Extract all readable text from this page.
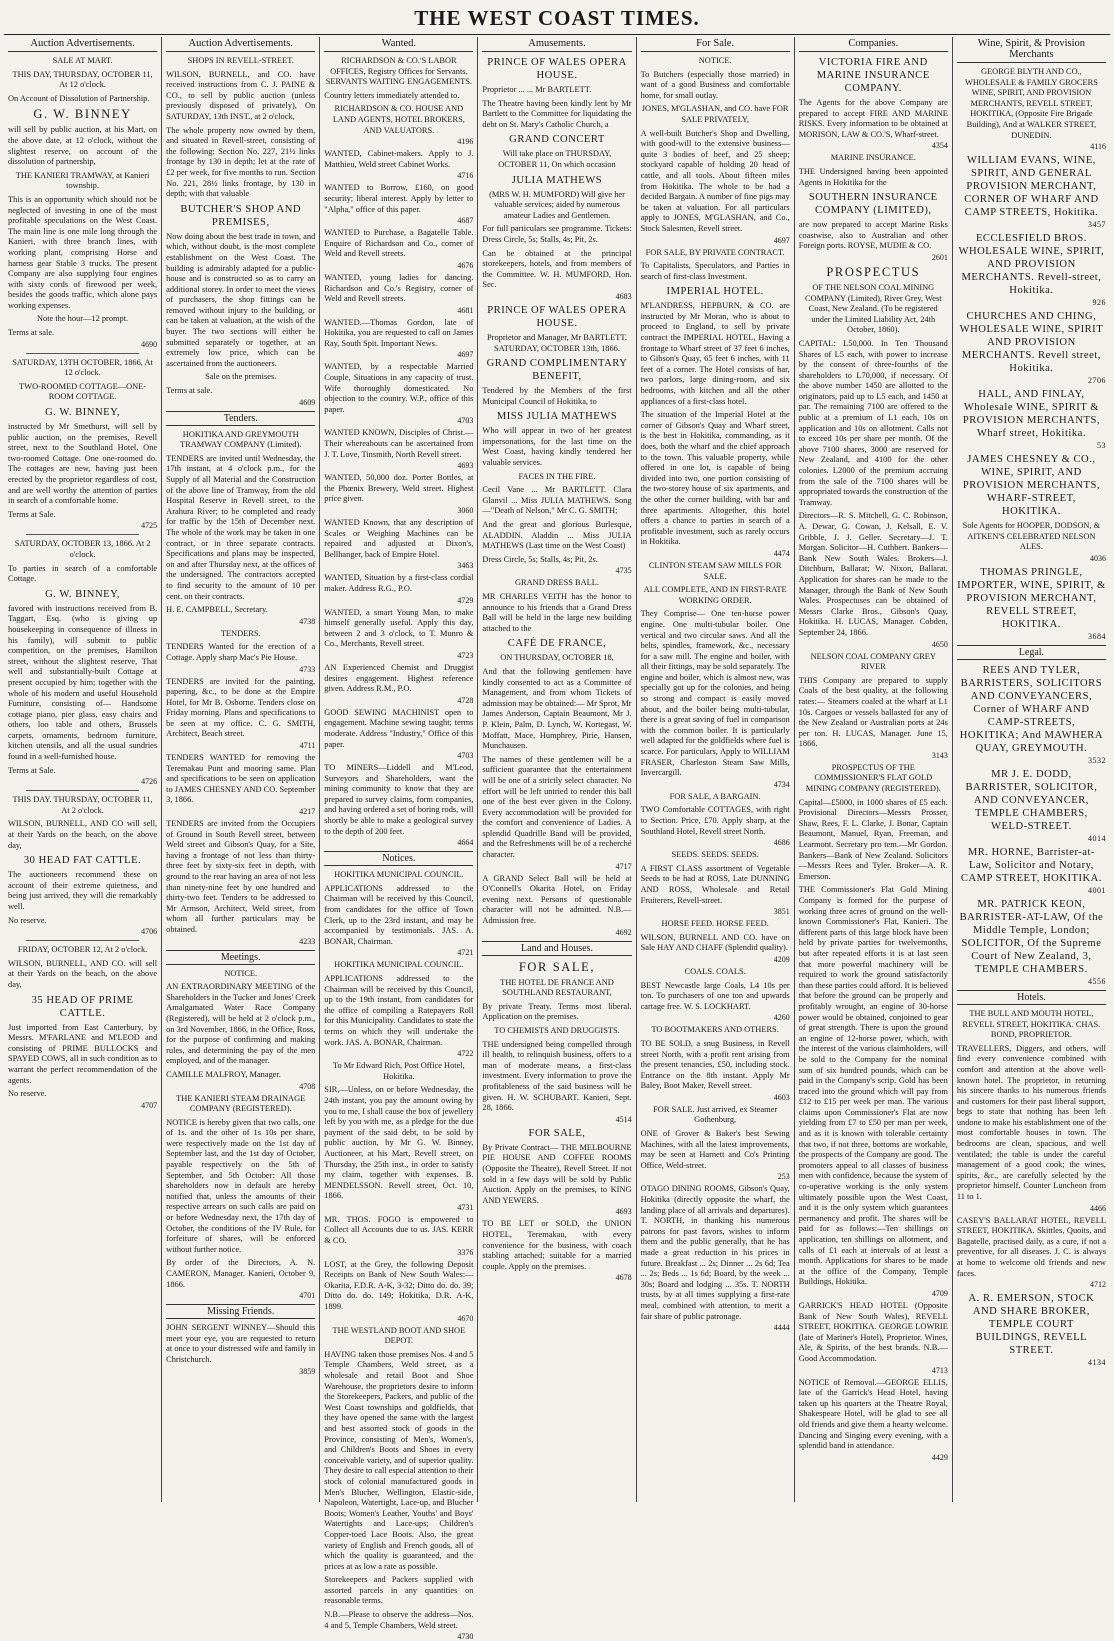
THE WEST COAST TIMES.
Auction Advertisements.
SALE AT MART.
THIS DAY, THURSDAY, OCTOBER 11, At 12 o'clock.
On Account of Dissolution of Partnership.
G. W. BINNEY
will sell by public auction, at his Mart, on the above date, at 12 o'clock, without the slightest reserve, on account of the dissolution of partnership,
THE KANIERI TRAMWAY, at Kanieri township.
This is an opportunity which should not be neglected of investing in one of the most profitable speculations on the West Coast. The main line is one mile long through the Kanieri, with three branch lines, with working plant, comprising Horse and harness gear Stable 3 trucks. The present Company are also supplying four engines with sixty cords of firewood per week, besides the goods traffic, which alone pays working expenses.
Note the hour—12 prompt.
Terms at sale.
4690
SATURDAY, 13TH OCTOBER, 1866, At 12 o'clock.
TWO-ROOMED COTTAGE—ONE-ROOM COTTAGE.
G. W. BINNEY,
instructed by Mr Smethurst, will sell by public auction, on the premises, Revell street, next to the Southland Hotel, One two-roomed Cottage. One one-roomed do. The cottages are new, having just been erected by the proprietor regardless of cost, and are well worthy the attention of parties in search of a comfortable home.
Terms at Sale.
4725
SATURDAY, OCTOBER 13, 1866. At 2 o'clock.
To parties in search of a comfortable Cottage.
G. W. BINNEY,
favored with instructions received from B. Taggart, Esq. (who is giving up housekeeping in consequence of illness in his family), will submit to public competition, on the premises, Hamilton street, without the slightest reserve, That well and substantially-built Cottage at present occupied by him; together with the whole of his modern and useful Household Furniture, consisting of— Handsome cottage piano, pier glass, easy chairs and others, loo table and others, Brussels carpets, ornaments, bedroom furniture, kitchen utensils, and all the usual sundries found in a well-furnished house.
Terms at Sale.
4726
THIS DAY. THURSDAY, OCTOBER 11, At 2 o'clock.
WILSON, BURNELL, AND CO will sell, at their Yards on the beach, on the above day,
30 HEAD FAT CATTLE.
The auctioneers recommend these on account of their extreme quietness, and being just arrived, they will die remarkably well.
No reserve.
4706
FRIDAY, OCTOBER 12, At 2 o'clock.
WILSON, BURNELL, AND CO. will sell at their Yards on the beach, on the above day,
35 HEAD OF PRIME CATTLE.
Just imported from East Canterbury, by Messrs. M'FARLANE and M'LEOD and consisting of PRIME BULLOCKS and SPAYED COWS, all in such condition as to warrant the perfect recommendation of the agents.
No reserve.
4707
Auction Advertisements.
SHOPS IN REVELL-STREET.
WILSON, BURNELL, and CO. have received instructions from C. J. PAINE & CO., to sell by public auction (unless previously disposed of privately), On SATURDAY, 13th INST., at 2 o'clock,
The whole property now owned by them, and situated in Revell-street, consisting of the following: Section No. 227, 21½ links frontage by 130 in depth; let at the rate of £2 per week, for five months to run. Section No. 221, 28½ links frontage, by 130 in depth; with that valuable
BUTCHER'S SHOP AND PREMISES,
Now doing about the best trade in town, and which, without doubt, is the most complete establishment on the West Coast. The building is admirably adapted for a public-house and is constructed so as to carry an additional storey. In order to meet the views of purchasers, the shop fittings can be removed without injury to the building, or can be taken at valuation, at the wish of the buyer. The two sections will either be submitted separately or together, at an extremely low price, which can be ascertained from the auctioneers.
Sale on the premises.
Terms at sale.
4609
Tenders.
HOKITIKA AND GREYMOUTH TRAMWAY COMPANY (Limited).
TENDERS are invited until Wednesday, the 17th instant, at 4 o'clock p.m., for the Supply of all Material and the Construction of the above line of Tramway, from the old Hospital Reserve in Revell street, to the Arahura River; to be completed and ready for traffic by the 15th of December next. The whole of the work may be taken in one contract, or in three separate contracts. Specifications and plans may be inspected, on and after Thursday next, at the offices of the undersigned. The contractors accepted to find security to the amount of 10 per cent. on their contracts.
H. E. CAMPBELL, Secretary.
4738
TENDERS.
TENDERS Wanted for the erection of a Cottage. Apply sharp Mac's Pie House.
4733
TENDERS are invited for the painting, papering, &c., to be done at the Empire Hotel, for Mr B. Osborne. Tenders close on Friday morning. Plans and specifications to be seen at my office. C. G. SMITH, Architect, Beach street.
4711
TENDERS WANTED for removing the Teremakau Punt and mooring same. Plan and specifications to be seen on application to JAMES CHESNEY AND CO. September 3, 1866.
4217
TENDERS are invited from the Occupiers of Ground in South Revell street, between Weld street and Gibson's Quay, for a Site, having a frontage of not less than thirty-three feet by sixty-six feet in depth, with ground to the rear having an area of not less than ninety-nine feet by one hundred and thirty-two feet. Tenders to be addressed to Mr Armson, Architect, Weld street, from whom all further particulars may be obtained.
4233
Meetings.
NOTICE.
AN EXTRAORDINARY MEETING of the Shareholders in the Tucker and Jones' Creek Amalgamated Water Race Company (Registered), will be held at 2 o'clock p.m., on 3rd November, 1866, in the Office, Ross, for the purpose of confirming and making rules, and determining the pay of the men employed, and of the manager.
CAMILLE MALFROY, Manager.
4708
THE KANIERI STEAM DRAINAGE COMPANY (REGISTERED).
NOTICE is hereby given that two calls, one of 1s. and the other of 1s 10s per share, were respectively made on the 1st day of September last, and the 1st day of October, payable respectively on the 5th of September, and 5th October: All those shareholders now in default are hereby notified that, unless the amounts of their respective arrears on such calls are paid on or before Wednesday next, the 17th day of October, the conditions of the IV Rule, for forfeiture of shares, will be enforced without further notice.
By order of the Directors, A. N. CAMERON, Manager. Kanieri, October 9, 1866.
4701
Missing Friends.
JOHN SERGENT WINNEY—Should this meet your eye, you are requested to return at once to your distressed wife and family in Christchurch.
3859
Wanted.
RICHARDSON & CO.'S LABOR OFFICES, Registry Offices for Servants. SERVANTS WAITING ENGAGEMENTS.
Country letters immediately attended to.
RICHARDSON & CO. HOUSE AND LAND AGENTS, HOTEL BROKERS, AND VALUATORS.
4196
WANTED, Cabinet-makers. Apply to J. Matthieu, Weld street Cabinet Works.
4716
WANTED to Borrow, £160, on good security; liberal interest. Apply by letter to "Alpha," office of this paper.
4687
WANTED to Purchase, a Bagatelle Table. Enquire of Richardson and Co., corner of Weld and Revell streets.
4676
WANTED, young ladies for dancing. Richardson and Co.'s Registry, corner of Weld and Revell streets.
4681
WANTED.—Thomas Gordon, late of Hokitika, you are requested to call on James Ray, South Spit. Important News.
4697
WANTED, by a respectable Married Couple, Situations in any capacity of trust. Wife thoroughly domesticated. No objection to the country. W.P., office of this paper.
4703
WANTED KNOWN, Disciples of Christ.—Their whereabouts can be ascertained from J. T. Love, Tinsmith, North Revell street.
4693
WANTED, 50,000 doz. Porter Bottles, at the Phœnix Brewery, Weld street. Highest price given.
3060
WANTED Known, that any description of Scales or Weighing Machines can be repaired and adjusted at Dixon's, Bellhanger, back of Empire Hotel.
3463
WANTED, Situation by a first-class cordial maker. Address R.G., P.O.
4729
WANTED, a smart Young Man, to make himself generally useful. Apply this day, between 2 and 3 o'clock, to T. Munro & Co., Merchants, Revell street.
4723
AN Experienced Chemist and Druggist desires engagement. Highest reference given. Address R.M., P.O.
4728
GOOD SEWING MACHINIST open to engagement. Machine sewing taught; terms moderate. Address "Industry," Office of this paper.
4703
TO MINERS—Liddell and M'Leod, Surveyors and Shareholders, want the mining community to know that they are prepared to survey claims, form companies, and having ordered a set of boring rods, will shortly be able to make a geological survey to the depth of 200 feet.
4664
Notices.
HOKITIKA MUNICIPAL COUNCIL.
APPLICATIONS addressed to the Chairman will be received by this Council, from candidates for the office of Town Clerk, up to the 23rd instant, and may be accompanied by testimonials. JAS. A. BONAR, Chairman.
4721
HOKITIKA MUNICIPAL COUNCIL.
APPLICATIONS addressed to the Chairman will be received by this Council, up to the 19th instant, from candidates for the office of compiling a Ratepayers Roll for this Municipality. Candidates to state the terms on which they will undertake the work. JAS. A. BONAR, Chairman.
4722
To Mr Edward Rich, Post Office Hotel, Hokitika.
SIR,—Unless, on or before Wednesday, the 24th instant, you pay the amount owing by you to me, I shall cause the box of jewellery left by you with me, as a pledge for the due payment of the said debt, to be sold by public auction, by Mr G. W. Binney, Auctioneer, at his Mart, Revell street, on Thursday, the 25th inst., in order to satisfy my claim, together with expenses. B. MENDELSSON. Revell street, Oct. 10, 1866.
4731
MR. THOS. FOGO is empowered to Collect all Accounts due to us. JAS. KERR & CO.
3376
LOST, at the Grey, the following Deposit Receipts on Bank of New South Wales:— Okarita, F.D.R. A-K, 3-32; Ditto do. do. 39; Ditto do. do. 149; Hokitika, D.R. A-K, 1899.
4670
THE WESTLAND BOOT AND SHOE DEPOT.
HAVING taken those premises Nos. 4 and 5 Temple Chambers, Weld street, as a wholesale and retail Boot and Shoe Warehouse, the proprietors desire to inform the Storekeepers, Packers, and public of the West Coast townships and goldfields, that they have opened the same with the largest and best assorted stock of goods in the Province, consisting of Men's, Women's, and Children's Boots and Shoes in every conceivable variety, and of superior quality. They desire to call especial attention to their stock of colonial manufactured goods in Men's Blucher, Wellington, Elastic-side, Napoleon, Watertight, Lace-up, and Blucher Boots; Women's Leather, Youths' and Boys' Watertights and Lace-ups; Children's Copper-toed Lace Boots. Also, the great variety of English and French goods, all of which the quality is guaranteed, and the prices at as low a rate as possible.
Storekeepers and Packers supplied with assorted parcels in any quantities on reasonable terms.
N.B.—Please to observe the address—Nos. 4 and 5, Temple Chambers, Weld street.
4730
Amusements.
PRINCE OF WALES OPERA HOUSE.
Proprietor ... ... Mr BARTLETT.
The Theatre having been kindly lent by Mr Bartlett to the Committee for liquidating the debt on St. Mary's Catholic Church, a
GRAND CONCERT
Will take place on THURSDAY, OCTOBER 11, On which occasion
JULIA MATHEWS
(MRS W. H. MUMFORD) Will give her valuable services; aided by numerous amateur Ladies and Gentlemen.
For full particulars see programme. Tickets: Dress Circle, 5s; Stalls, 4s; Pit, 2s.
Can be obtained at the principal storekeepers, hotels, and from members of the Committee. W. H. MUMFORD, Hon. Sec.
4683
PRINCE OF WALES OPERA HOUSE.
Proprietor and Manager, Mr BARTLETT. SATURDAY, OCTOBER 13th, 1866.
GRAND COMPLIMENTARY BENEFIT,
Tendered by the Members of the first Municipal Council of Hokitika, to
MISS JULIA MATHEWS
Who will appear in two of her greatest impersonations, for the last time on the West Coast, having kindly tendered her valuable services.
FACES IN THE FIRE.
Cecil Vane ... Mr BARTLETT. Clara Glanvil ... Miss JULIA MATHEWS. Song—"Death of Nelson," Mr C. G. SMITH;
And the great and glorious Burlesque, ALADDIN. Aladdin ... Miss JULIA MATHEWS (Last time on the West Coast)
Dress Circle, 5s; Stalls, 4s; Pit, 2s.
4735
GRAND DRESS BALL.
MR CHARLES VEITH has the honor to announce to his friends that a Grand Dress Ball will be held in the large new building attached to the
CAFÉ DE FRANCE,
ON THURSDAY, OCTOBER 18,
And that the following gentlemen have kindly consented to act as a Committee of Management, and from whom Tickets of admission may be obtained:— Mr Sprot, Mr James Anderson, Captain Beaumont, Mr J. P. Klein, Palm, D. Lynch, W. Kortegast, W. Moffatt, Mace, Humphrey, Pirie, Hansen, Munchausen.
The names of these gentlemen will be a sufficient guarantee that the entertainment will be one of a strictly select character. No effort will be left untried to render this ball one of the best ever given in the Colony. Every accommodation will be provided for the comfort and convenience of Ladies. A splendid Quadrille Band will be provided, and the Refreshments will be of a recherché character.
4717
A GRAND Select Ball will be held at O'Connell's Okarita Hotel, on Friday evening next. Persons of questionable character will not be admitted. N.B.—Admission free.
4692
Land and Houses.
FOR SALE,
THE HOTEL DE FRANCE AND SOUTHLAND RESTAURANT,
By private Treaty. Terms most liberal. Application on the premises.
TO CHEMISTS AND DRUGGISTS.
THE undersigned being compelled through ill health, to relinquish business, offers to a man of moderate means, a first-class investment. Every information to prove the profitableness of the said business will be given. H. W. SCHUBART. Kanieri, Sept. 28, 1866.
4514
FOR SALE,
By Private Contract— THE MELBOURNE PIE HOUSE AND COFFEE ROOMS (Opposite the Theatre), Revell Street. If not sold in a few days will be sold by Public Auction. Apply on the premises, to KING AND YEWERS.
4693
TO BE LET or SOLD, the UNION HOTEL, Teremakau, with every convenience for the business, with coach stabling attached; suitable for a married couple. Apply on the premises.
4678
For Sale.
NOTICE.
To Butchers (especially those married) in want of a good Business and comfortable home, for small outlay.
JONES, M'GLASHAN, and CO. have FOR SALE PRIVATELY,
A well-built Butcher's Shop and Dwelling, with good-will to the extensive business—quite 3 bodies of beef, and 25 sheep; stockyard capable of holding 20 head of cattle, and all tools. About fifteen miles from Hokitika. The whole to be had a decided Bargain. A number of fine pigs may be taken at valuation. For all particulars apply to JONES, M'GLASHAN, and Co., Stock Salesmen, Revell street.
4697
FOR SALE, BY PRIVATE CONTRACT.
To Capitalists, Speculators, and Parties in search of first-class Investment.
IMPERIAL HOTEL.
M'LANDRESS, HEPBURN, & CO. are instructed by Mr Moran, who is about to proceed to England, to sell by private contract the IMPERIAL HOTEL, Having a frontage to Wharf street of 37 feet 6 inches, to Gibson's Quay, 65 feet 6 inches, with 11 feet of a corner. The Hotel consists of bar, two parlors, large dining-room, and six bedrooms, with kitchen and all the other appliances of a first-class hotel.
The situation of the Imperial Hotel at the corner of Gibson's Quay and Wharf street, is the best in Hokitika, commanding, as it does, both the wharf and the chief approach to the town. This valuable property, while offered in one lot, is capable of being divided into two, one portion consisting of the two-storey house of six apartments, and the other the corner building, with bar and three apartments. Altogether, this hotel offers a chance to parties in search of a profitable investment, such as rarely occurs in Hokitika.
4474
CLINTON STEAM SAW MILLS FOR SALE.
ALL COMPLETE, AND IN FIRST-RATE WORKING ORDER.
They Comprise— One ten-horse power engine. One multi-tubular boiler. One vertical and two circular saws. And all the belts, spindles, framework, &c., necessary for a saw mill. The engine and boiler, with all their fittings, may be sold separately. The engine and boiler, which is almost new, was specially got up for the colonies, and being so strong and compact is easily moved about, and the boiler being multi-tubular, there is a great saving of fuel in comparison with the common boiler. It is particularly well adapted for the goldfields where fuel is scarce. For particulars, Apply to WILLIAM FRASER, Charleston Steam Saw Mills, Invercargill.
4734
FOR SALE, A BARGAIN.
TWO Comfortable COTTAGES, with right to Section. Price, £70. Apply sharp, at the Southland Hotel, Revell street North.
4686
SEEDS. SEEDS. SEEDS.
A FIRST CLASS assortment of Vegetable Seeds to be had at ROSS, Late DUNNING AND ROSS, Wholesale and Retail Fruiterers, Revell-street.
3851
HORSE FEED. HORSE FEED.
WILSON, BURNELL AND CO. have on Sale HAY AND CHAFF (Splendid quality).
4209
COALS. COALS.
BEST Newcastle large Coals, L4 10s per ton. To purchasers of one ton and upwards cartage free. W. S. LOCKHART.
4260
TO BOOTMAKERS AND OTHERS.
TO BE SOLD, a snug Business, in Revell street North, with a profit rent arising from the present tenancies, £50, including stock. Entrance on the 8th instant. Apply Mr Baley, Boot Maker, Revell street.
4603
FOR SALE. Just arrived, ex Steamer Gothenburg,
ONE of Grover & Baker's best Sewing Machines, with all the latest improvements, may be seen at Harnett and Co's Printing Office, Weld-street.
253
OTAGO DINING ROOMS, Gibson's Quay, Hokitika (directly opposite the wharf, the landing place of all arrivals and departures). T. NORTH, in thanking his numerous patrons for past favors, wishes to inform them and the public generally, that he has made a great reduction in his prices in future. Breakfast ... 2s; Dinner ... 2s 6d; Tea ... 2s; Beds ... 1s 6d; Board, by the week ... 30s; Board and lodging ... 35s. T. NORTH trusts, by at all times supplying a first-rate meal, combined with attention, to merit a fair share of public patronage.
4444
Companies.
VICTORIA FIRE AND MARINE INSURANCE COMPANY.
The Agents for the above Company are prepared to accept FIRE AND MARINE RISKS. Every information to be obtained at MORISON, LAW & CO.'S, Wharf-street.
4354
MARINE INSURANCE.
THE Undersigned having been appointed Agents in Hokitika for the
SOUTHERN INSURANCE COMPANY (LIMITED),
are now prepared to accept Marine Risks coastwise, also to Australian and other Foreign ports. ROYSE, MUDIE & CO.
2601
PROSPECTUS
OF THE NELSON COAL MINING COMPANY (Limited), River Grey, West Coast, New Zealand. (To be registered under the Limited Liability Act, 24th October, 1860).
CAPITAL: L50,000. In Ten Thousand Shares of L5 each, with power to increase by the consent of three-fourths of the shareholders to L70,000, if necessary. Of the above number 1450 are allotted to the originators, paid up to L5 each, and 1450 at par. The remaining 7100 are offered to the public at a premium of L1 each, 10s on application and 10s on allotment. Calls not to exceed 10s per share per month. Of the above 7100 shares, 3000 are reserved for New Zealand, and 4100 for the other colonies. L2000 of the premium accruing from the sale of the 7100 shares will be appropriated towards the construction of the Tramway.
Directors—R. S. Mitchell, G. C. Robinson, A. Dewar, G. Cowan, J. Kelsall, E. V. Gribble, J. J. Geller. Secretary—J. T. Morgan. Solicitor—H. Cuthbert. Bankers—Bank New South Wales. Brokers—J. Ditchburn, Ballarat; W. Nixon, Ballarat. Application for shares can be made to the Manager, through the Bank of New South Wales. Prospectuses can be obtained of Messrs Clarke Bros., Gibson's Quay, Hokitika. H. LUCAS, Manager. Cobden, September 24, 1866.
4650
NELSON COAL COMPANY GREY RIVER
THIS Company are prepared to supply Coals of the best quality, at the following rates:— Steamers coaled at the wharf at L1 10s. Cargoes or vessels ballasted for any of the New Zealand or Australian ports at 24s per ton. H. LUCAS, Manager. June 15, 1866.
3143
PROSPECTUS OF THE COMMISSIONER'S FLAT GOLD MINING COMPANY (REGISTERED).
Capital—£5000, in 1000 shares of £5 each. Provisional Directors—Messrs Prosser, Shaw, Rees, F. L. Clarke, J. Bonar, Captain Beaumont, Manuel, Ryan, Freeman, and Learmont. Secretary pro tem.—Mr Gordon. Bankers—Bank of New Zealand. Solicitors—Messrs Rees and Tyler. Broker—A. R. Emerson.
THE Commissioner's Flat Gold Mining Company is formed for the purpose of working three acres of ground on the well-known Commissioner's Flat, Kanieri. The different parts of this large block have been held by private parties for twelvemonths, but after repeated efforts it is at last seen that more powerful machinery will be required to work the ground satisfactorily than these parties could afford. It is believed that before the ground can be properly and profitably wrought, an engine of 30-horse power would be obtained, conjoined to gear of great strength. There is upon the ground an engine of 12-horse power, which, with the interest of the various claimholders, will be sold to the Company for the nominal sum of six hundred pounds, which can be paid in the Company's scrip. Gold has been traced into the ground which will pay from £12 to £15 per week per man. The various claims upon Commissioner's Flat are now yielding from £7 to £50 per man per week, and as it is known with tolerable certainty that two, if not three, bottoms are workable, the prospects of the Company are good. The promoters appeal to all classes of business men with confidence, because the system of co-operative working is the only system ultimately possible upon the West Coast, and it is the only system which guarantees permanency and profit. The shares will be paid for as follows:—Ten shillings on application, ten shillings on allotment, and calls of £1 each at intervals of at least a month. Applications for shares to be made at the office of the Company, Temple Buildings, Hokitika.
4709
GARRICK'S HEAD HOTEL (Opposite Bank of New South Wales), REVELL STREET, HOKITIKA. GEORGE LOWRIE (late of Mariner's Hotel), Proprietor. Wines, Ale, & Spirits, of the best brands. N.B.—Good Accommodation.
4713
NOTICE of Removal.—GEORGE ELLIS, late of the Garrick's Head Hotel, having taken up his quarters at the Theatre Royal, Shakespeare Hotel, will be glad to see all old friends and give them a hearty welcome. Dancing and Singing every evening, with a splendid band in attendance.
4429
Wine, Spirit, & Provision Merchants
GEORGE BLYTH AND CO., WHOLESALE & FAMILY GROCERS WINE, SPIRIT, AND PROVISION MERCHANTS, REVELL STREET, HOKITIKA, (Opposite Fire Brigade Building), And at WALKER STREET, DUNEDIN.
4116
WILLIAM EVANS, WINE, SPIRIT, AND GENERAL PROVISION MERCHANT, CORNER OF WHARF AND CAMP STREETS, Hokitika.
3457
ECCLESFIELD BROS. WHOLESALE WINE, SPIRIT, AND PROVISION MERCHANTS. Revell-street, Hokitika.
926
CHURCHES AND CHING, WHOLESALE WINE, SPIRIT AND PROVISION MERCHANTS. Revell street, Hokitika.
2706
HALL, AND FINLAY, Wholesale WINE, SPIRIT & PROVISION MERCHANTS, Wharf street, Hokitika.
53
JAMES CHESNEY & CO., WINE, SPIRIT, AND PROVISION MERCHANTS, WHARF-STREET, HOKITIKA.
Sole Agents for HOOPER, DODSON, & AITKEN'S CELEBRATED NELSON ALES.
4036
THOMAS PRINGLE, IMPORTER, WINE, SPIRIT, & PROVISION MERCHANT, REVELL STREET, HOKITIKA.
3684
Legal.
REES AND TYLER, BARRISTERS, SOLICITORS AND CONVEYANCERS, Corner of WHARF AND CAMP-STREETS, HOKITIKA; And MAWHERA QUAY, GREYMOUTH.
3532
MR J. E. DODD, BARRISTER, SOLICITOR, AND CONVEYANCER, TEMPLE CHAMBERS, WELD-STREET.
4014
MR. HORNE, Barrister-at-Law, Solicitor and Notary, CAMP STREET, HOKITIKA.
4001
MR. PATRICK KEON, BARRISTER-AT-LAW, Of the Middle Temple, London; SOLICITOR, Of the Supreme Court of New Zealand, 3, TEMPLE CHAMBERS.
4556
Hotels.
THE BULL AND MOUTH HOTEL, REVELL STREET, HOKITIKA. CHAS. BOND, PROPRIETOR.
TRAVELLERS, Diggers, and others, will find every convenience combined with comfort and attention at the above well-known hotel. The proprietor, in returning his sincere thanks to his numerous friends and customers for their past liberal support, begs to state that nothing has been left undone to make his establishment one of the most comfortable houses in town. The bedrooms are clean, spacious, and well ventilated; the table is under the careful management of a good cook; the wines, spirits, &c., are carefully selected by the proprietor himself. Counter Luncheon from 11 to 1.
4466
CASEY'S BALLARAT HOTEL, REVELL STREET, HOKITIKA. Skittles, Quoits, and Bagatelle, practised daily, as a cure, if not a preventive, for all diseases. J. C. is always at home to welcome old friends and new faces.
4712
A. R. EMERSON, STOCK AND SHARE BROKER, TEMPLE COURT BUILDINGS, REVELL STREET.
4134
